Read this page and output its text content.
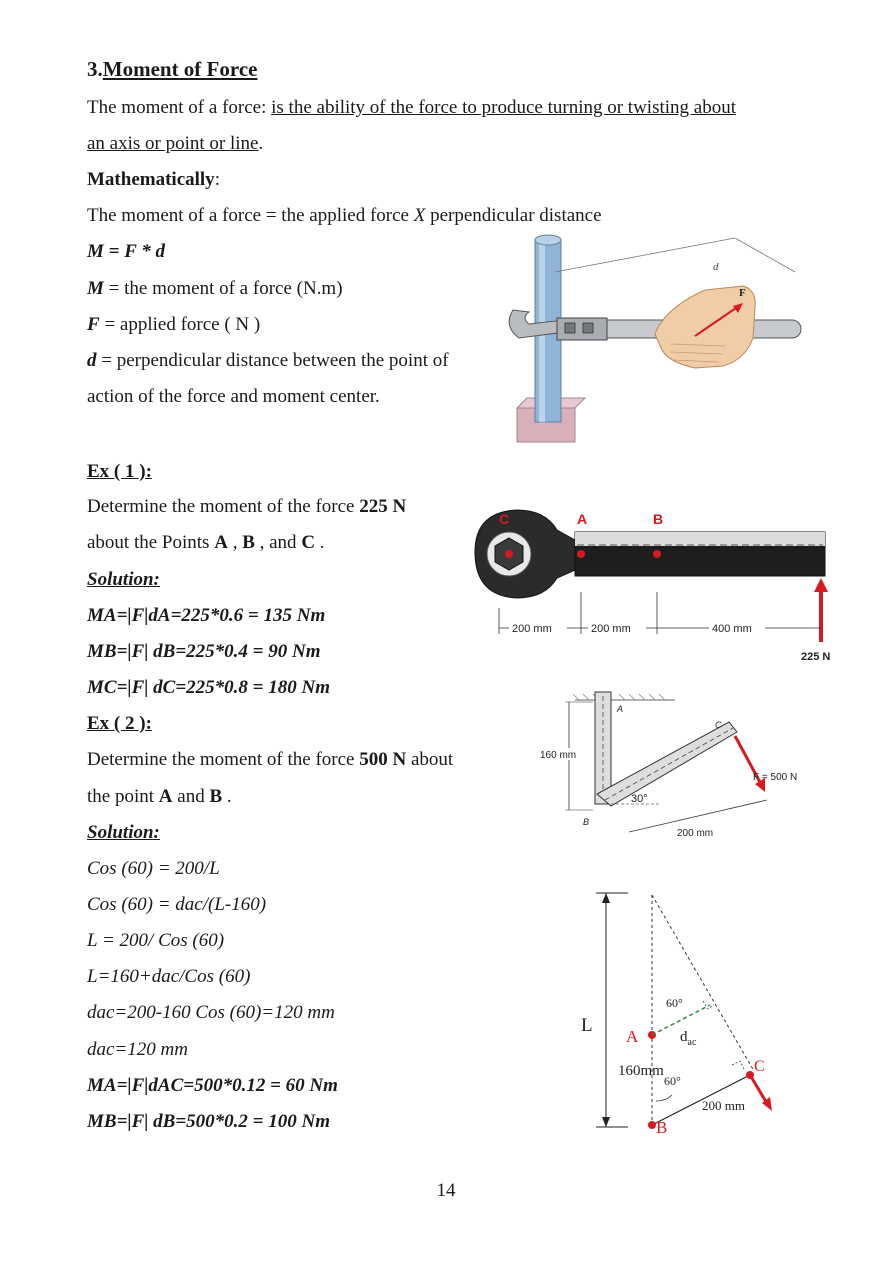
3.Moment of Force
The moment of a force: is the ability of the force to produce turning or twisting about
an axis or point or line.
Mathematically:
The moment of a force = the applied force X perpendicular distance
M = F * d
M = the moment of a force (N.m)
F = applied force ( N )
d = perpendicular distance between the point of
action of the force and moment center.
d
F
Ex ( 1 ):
Determine the moment of the force 225 N
about the Points A , B , and C .
Solution:
MA=|F|dA=225*0.6 = 135 Nm
MB=|F| dB=225*0.4 = 90 Nm
MC=|F| dC=225*0.8 = 180 Nm
C	A	B
225 N
200 mm	200 mm	400 mm
Ex ( 2 ):
Determine the moment of the force 500 N about
the point A and B .
Solution:
Cos (60) = 200/L
Cos (60) = dac/(L-160)
L = 200/ Cos (60)
L=160+dac/Cos (60)
dac=200-160 Cos (60)=120 mm
dac=120 mm
MA=|F|dAC=500*0.12 = 60 Nm
MB=|F| dB=500*0.2 = 100 Nm
A
C
B
30°
F = 500 N
160 mm
200 mm
L
C
A	$d_{ac}$
60°
60°
160mm
B
200 mm
14
